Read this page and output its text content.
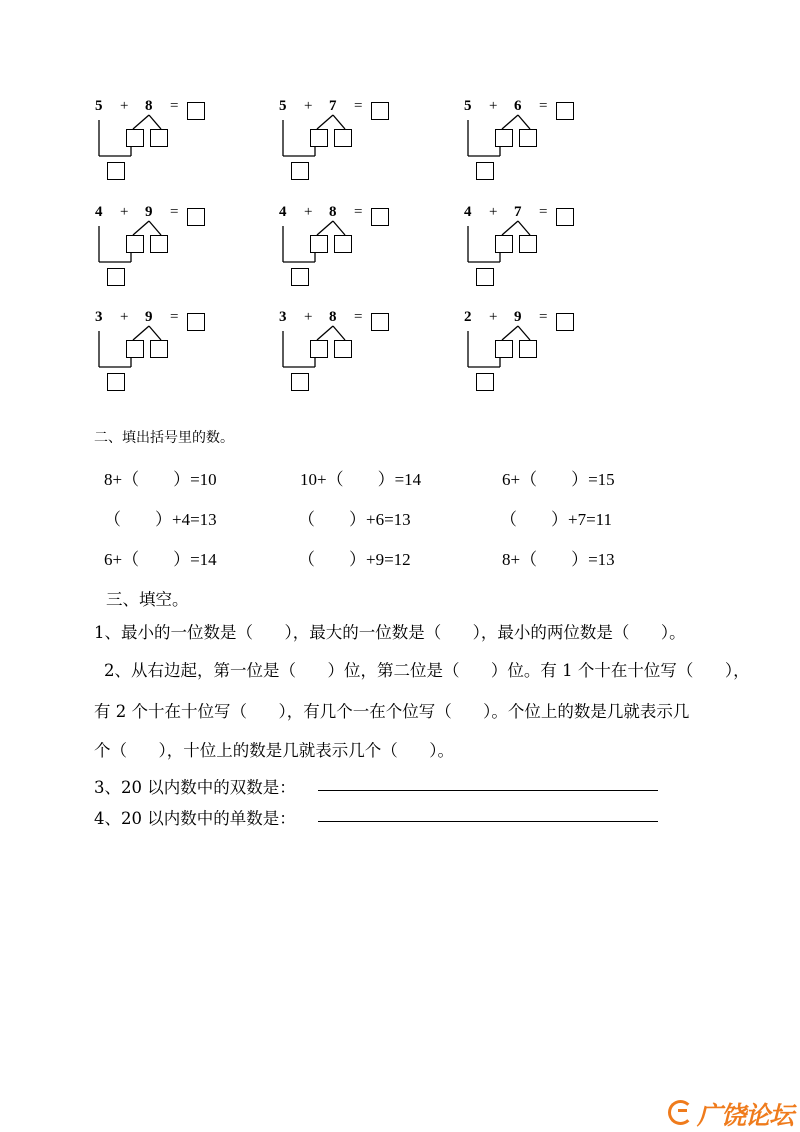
5 + 8 =	5 + 7 =	5 + 6 =
4 + 9 =	4 + 8 =	4 + 7 =
3 + 9 =	3 + 8 =	2 + 9 =
二、填出括号里的数。
8+（        ）=10	10+（        ）=14	6+（        ）=15
（        ）+4=13	（        ）+6=13	（        ）+7=11
6+（        ）=14	（        ）+9=12	8+（        ）=13
三、填空。
1、最小的一位数是（      ），最大的一位数是（      ），最小的两位数是（      ）。
2、从右边起，第一位是（      ）位，第二位是（      ）位。有 1 个十在十位写（      ），
有 2 个十在十位写（      ），有几个一在个位写（      ）。个位上的数是几就表示几
个（      ），十位上的数是几就表示几个（      ）。
3、20 以内数中的双数是：
4、20 以内数中的单数是：
广饶论坛
